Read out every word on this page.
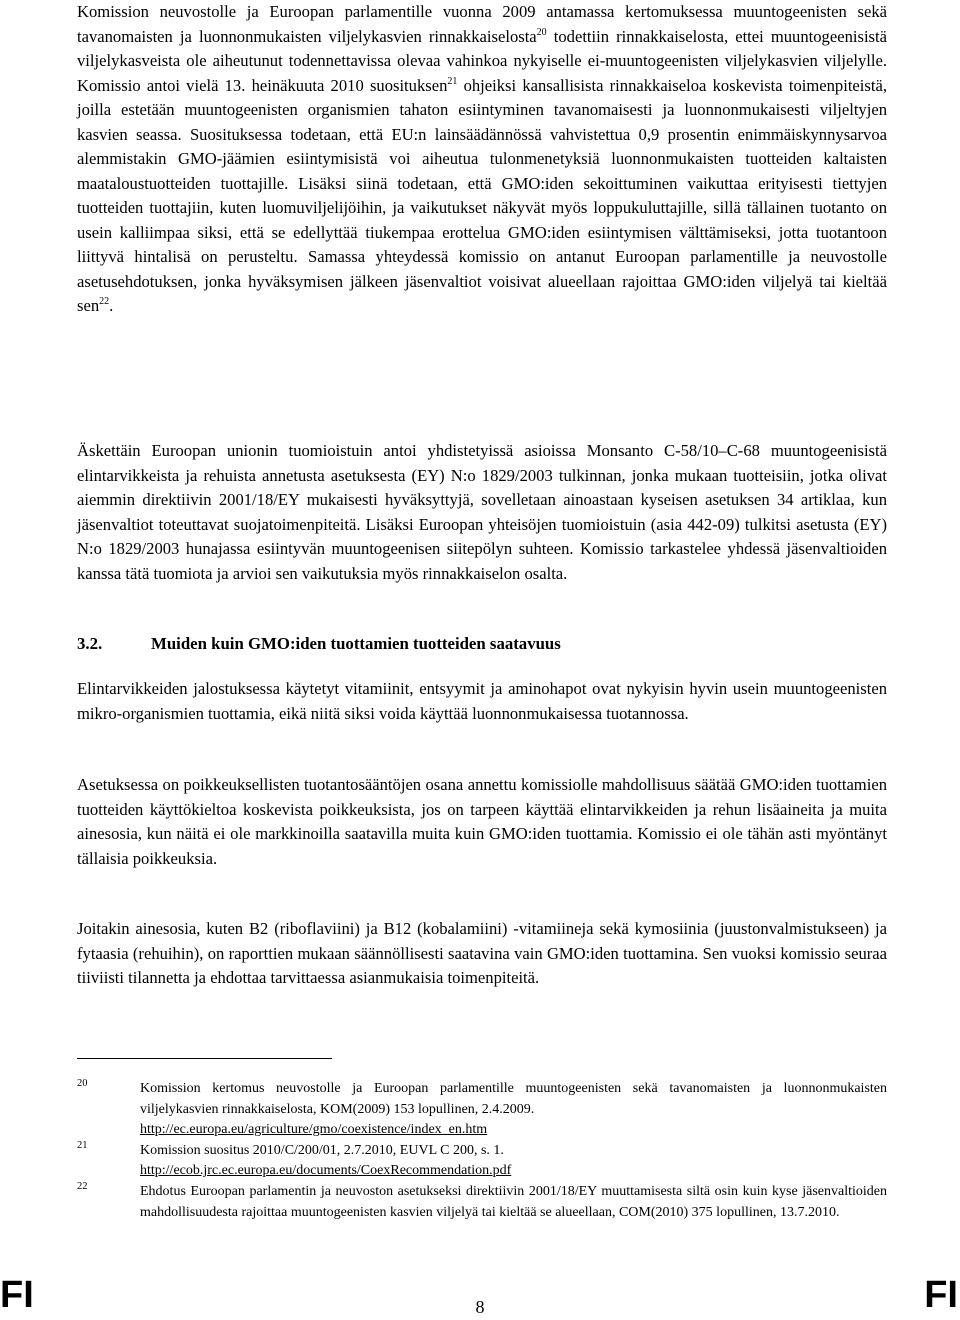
Komission neuvostolle ja Euroopan parlamentille vuonna 2009 antamassa kertomuksessa muuntogeenisten sekä tavanomaisten ja luonnonmukaisten viljelykasvien rinnakkaiselosta$^{20}$ todettiin rinnakkaiselosta, ettei muuntogeenisistä viljelykasveista ole aiheutunut todennettavissa olevaa vahinkoa nykyiselle ei-muuntogeenisten viljelykasvien viljelylle. Komissio antoi vielä 13. heinäkuuta 2010 suosituksen$^{21}$ ohjeiksi kansallisista rinnakkaiseloa koskevista toimenpiteistä, joilla estetään muuntogeenisten organismien tahaton esiintyminen tavanomaisesti ja luonnonmukaisesti viljeltyjen kasvien seassa. Suosituksessa todetaan, että EU:n lainsäädännössä vahvistettua 0,9 prosentin enimmäiskynnysarvoa alemmistakin GMO-jäämien esiintymisistä voi aiheutua tulonmenetyksiä luonnonmukaisten tuotteiden kaltaisten maataloustuotteiden tuottajille. Lisäksi siinä todetaan, että GMO:iden sekoittuminen vaikuttaa erityisesti tiettyjen tuotteiden tuottajiin, kuten luomuviljelijöihin, ja vaikutukset näkyvät myös loppukuluttajille, sillä tällainen tuotanto on usein kalliimpaa siksi, että se edellyttää tiukempaa erottelua GMO:iden esiintymisen välttämiseksi, jotta tuotantoon liittyvä hintalisä on perusteltu. Samassa yhteydessä komissio on antanut Euroopan parlamentille ja neuvostolle asetusehdotuksen, jonka hyväksymisen jälkeen jäsenvaltiot voisivat alueellaan rajoittaa GMO:iden viljelyä tai kieltää sen$^{22}$.

Äskettäin Euroopan unionin tuomioistuin antoi yhdistetyissä asioissa Monsanto C-58/10–C-68 muuntogeenisistä elintarvikkeista ja rehuista annetusta asetuksesta (EY) N:o 1829/2003 tulkinnan, jonka mukaan tuotteisiin, jotka olivat aiemmin direktiivin 2001/18/EY mukaisesti hyväksyttyjä, sovelletaan ainoastaan kyseisen asetuksen 34 artiklaa, kun jäsenvaltiot toteuttavat suojatoimenpiteitä. Lisäksi Euroopan yhteisöjen tuomioistuin (asia 442-09) tulkitsi asetusta (EY) N:o 1829/2003 hunajassa esiintyvän muuntogeenisen siitepölyn suhteen. Komissio tarkastelee yhdessä jäsenvaltioiden kanssa tätä tuomiota ja arvioi sen vaikutuksia myös rinnakkaiselon osalta.

3.2.	Muiden kuin GMO:iden tuottamien tuotteiden saatavuus

Elintarvikkeiden jalostuksessa käytetyt vitamiinit, entsyymit ja aminohapot ovat nykyisin hyvin usein muuntogeenisten mikro-organismien tuottamia, eikä niitä siksi voida käyttää luonnonmukaisessa tuotannossa.

Asetuksessa on poikkeuksellisten tuotantosääntöjen osana annettu komissiolle mahdollisuus säätää GMO:iden tuottamien tuotteiden käyttökieltoa koskevista poikkeuksista, jos on tarpeen käyttää elintarvikkeiden ja rehun lisäaineita ja muita ainesosia, kun näitä ei ole markkinoilla saatavilla muita kuin GMO:iden tuottamia. Komissio ei ole tähän asti myöntänyt tällaisia poikkeuksia.

Joitakin ainesosia, kuten B2 (riboflaviini) ja B12 (kobalamiini) -vitamiineja sekä kymosiinia (juustonvalmistukseen) ja fytaasia (rehuihin), on raporttien mukaan säännöllisesti saatavina vain GMO:iden tuottamina. Sen vuoksi komissio seuraa tiiviisti tilannetta ja ehdottaa tarvittaessa asianmukaisia toimenpiteitä.

20	Komission kertomus neuvostolle ja Euroopan parlamentille muuntogeenisten sekä tavanomaisten ja luonnonmukaisten viljelykasvien rinnakkaiselosta, KOM(2009) 153 lopullinen, 2.4.2009.
http://ec.europa.eu/agriculture/gmo/coexistence/index_en.htm
21	Komission suositus 2010/C/200/01, 2.7.2010, EUVL C 200, s. 1.
http://ecob.jrc.ec.europa.eu/documents/CoexRecommendation.pdf
22	Ehdotus Euroopan parlamentin ja neuvoston asetukseksi direktiivin 2001/18/EY muuttamisesta siltä osin kuin kyse jäsenvaltioiden mahdollisuudesta rajoittaa muuntogeenisten kasvien viljelyä tai kieltää se alueellaan, COM(2010) 375 lopullinen, 13.7.2010.
FI	8	FI
